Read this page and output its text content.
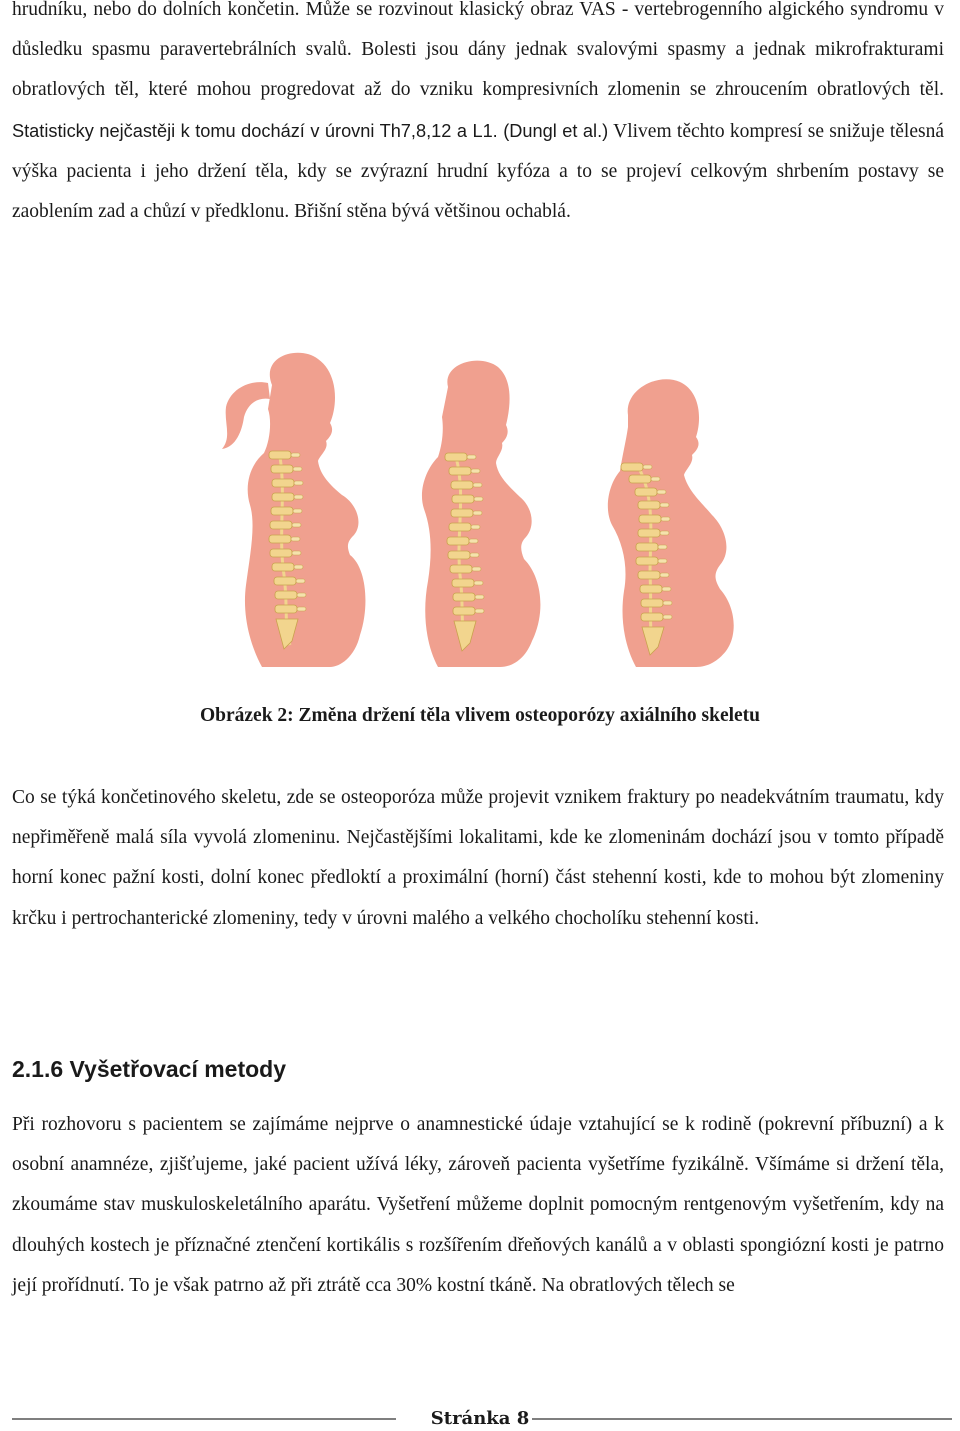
hrudníku, nebo do dolních končetin. Může se rozvinout klasický obraz VAS - vertebrogenního algického syndromu v důsledku spasmu paravertebrálních svalů. Bolesti jsou dány jednak svalovými spasmy a jednak mikrofrakturami obratlových těl, které mohou progredovat až do vzniku kompresivních zlomenin se zhroucením obratlových těl. Statisticky nejčastěji k tomu dochází v úrovni Th7,8,12 a L1. (Dungl et al.) Vlivem těchto kompresí se snižuje tělesná výška pacienta i jeho držení těla, kdy se zvýrazní hrudní kyfóza a to se projeví celkovým shrbením postavy se zaoblením zad a chůzí v předklonu. Břišní stěna bývá většinou ochablá.

Obrázek 2: Změna držení těla vlivem osteoporózy axiálního skeletu

Co se týká končetinového skeletu, zde se osteoporóza může projevit vznikem fraktury po neadekvátním traumatu, kdy nepřiměřeně malá síla vyvolá zlomeninu. Nejčastějšími lokalitami, kde ke zlomeninám dochází jsou v tomto případě horní konec pažní kosti, dolní konec předloktí a proximální (horní) část stehenní kosti, kde to mohou být zlomeniny krčku i pertrochanterické zlomeniny, tedy v úrovni malého a velkého chocholíku stehenní kosti.

2.1.6 Vyšetřovací metody

Při rozhovoru s pacientem se zajímáme nejprve o anamnestické údaje vztahující se k rodině (pokrevní příbuzní) a k osobní anamnéze, zjišťujeme, jaké pacient užívá léky, zároveň pacienta vyšetříme fyzikálně. Všímáme si držení těla, zkoumáme stav muskuloskeletálního aparátu. Vyšetření můžeme doplnit pomocným rentgenovým vyšetřením, kdy na dlouhých kostech je příznačné ztenčení kortikális s rozšířením dřeňových kanálů a v oblasti spongiózní kosti je patrno její prořídnutí. To je však patrno až při ztrátě cca 30% kostní tkáně. Na obratlových tělech se

Stránka 8
